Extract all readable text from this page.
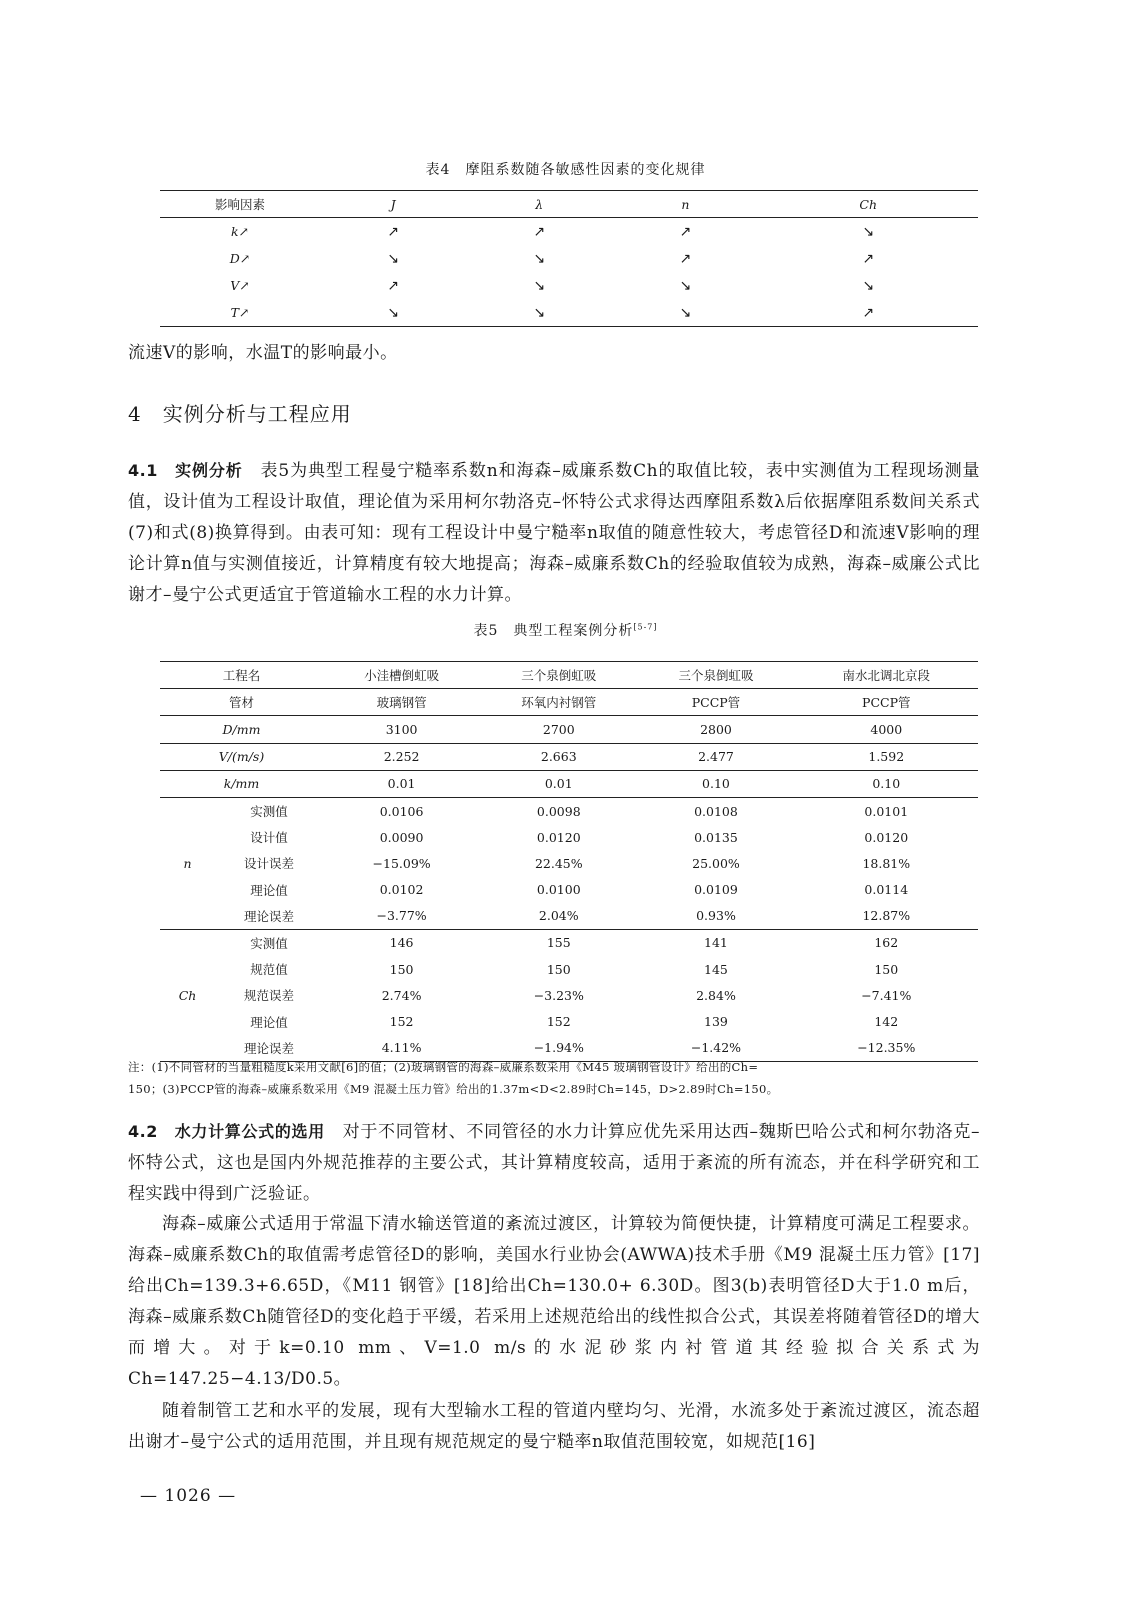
表4　摩阻系数随各敏感性因素的变化规律
影响因素	J	λ	n	Ch
k↗	↗	↗	↗	↘
D↗	↘	↘	↗	↗
V↗	↗	↘	↘	↘
T↗	↘	↘	↘	↗
流速V的影响，水温T的影响最小。
4　实例分析与工程应用
4.1　实例分析　 表5为典型工程曼宁糙率系数n和海森–威廉系数Ch的取值比较，表中实测值为工程现场测量值，设计值为工程设计取值，理论值为采用柯尔勃洛克–怀特公式求得达西摩阻系数λ后依据摩阻系数间关系式(7)和式(8)换算得到。由表可知：现有工程设计中曼宁糙率n取值的随意性较大，考虑管径D和流速V影响的理论计算n值与实测值接近，计算精度有较大地提高；海森–威廉系数Ch的经验取值较为成熟，海森–威廉公式比谢才–曼宁公式更适宜于管道输水工程的水力计算。
表5　典型工程案例分析[5-7]
工程名		小洼槽倒虹吸	三个泉倒虹吸	三个泉倒虹吸	南水北调北京段
管材		玻璃钢管	环氧内衬钢管	PCCP管	PCCP管
D/mm		3100	2700	2800	4000
V/(m/s)		2.252	2.663	2.477	1.592
k/mm		0.01	0.01	0.10	0.10
n	实测值	0.0106	0.0098	0.0108	0.0101
	设计值	0.0090	0.0120	0.0135	0.0120
	设计误差	−15.09%	22.45%	25.00%	18.81%
	理论值	0.0102	0.0100	0.0109	0.0114
	理论误差	−3.77%	2.04%	0.93%	12.87%
Ch	实测值	146	155	141	162
	规范值	150	150	145	150
	规范误差	2.74%	−3.23%	2.84%	−7.41%
	理论值	152	152	139	142
	理论误差	4.11%	−1.94%	−1.42%	−12.35%
注：(1)不同管材的当量粗糙度k采用文献[6]的值；(2)玻璃钢管的海森–威廉系数采用《M45 玻璃钢管设计》给出的Ch=
150；(3)PCCP管的海森–威廉系数采用《M9 混凝土压力管》给出的1.37m<D<2.89时Ch=145，D>2.89时Ch=150。
4.2　水力计算公式的选用　 对于不同管材、不同管径的水力计算应优先采用达西–魏斯巴哈公式和柯尔勃洛克–怀特公式，这也是国内外规范推荐的主要公式，其计算精度较高，适用于紊流的所有流态，并在科学研究和工程实践中得到广泛验证。
海森–威廉公式适用于常温下清水输送管道的紊流过渡区，计算较为简便快捷，计算精度可满足工程要求。海森–威廉系数Ch的取值需考虑管径D的影响，美国水行业协会(AWWA)技术手册《M9 混凝土压力管》[17]给出Ch=139.3+6.65D，《M11 钢管》[18]给出Ch=130.0+ 6.30D。图3(b)表明管径D大于1.0 m后，海森–威廉系数Ch随管径D的变化趋于平缓，若采用上述规范给出的线性拟合公式，其误差将随着管径D的增大而增大。对于k=0.10 mm、V=1.0 m/s的水泥砂浆内衬管道其经验拟合关系式为Ch=147.25−4.13/D0.5。
随着制管工艺和水平的发展，现有大型输水工程的管道内壁均匀、光滑，水流多处于紊流过渡区，流态超出谢才–曼宁公式的适用范围，并且现有规范规定的曼宁糙率n取值范围较宽，如规范[16]
— 1026 —
